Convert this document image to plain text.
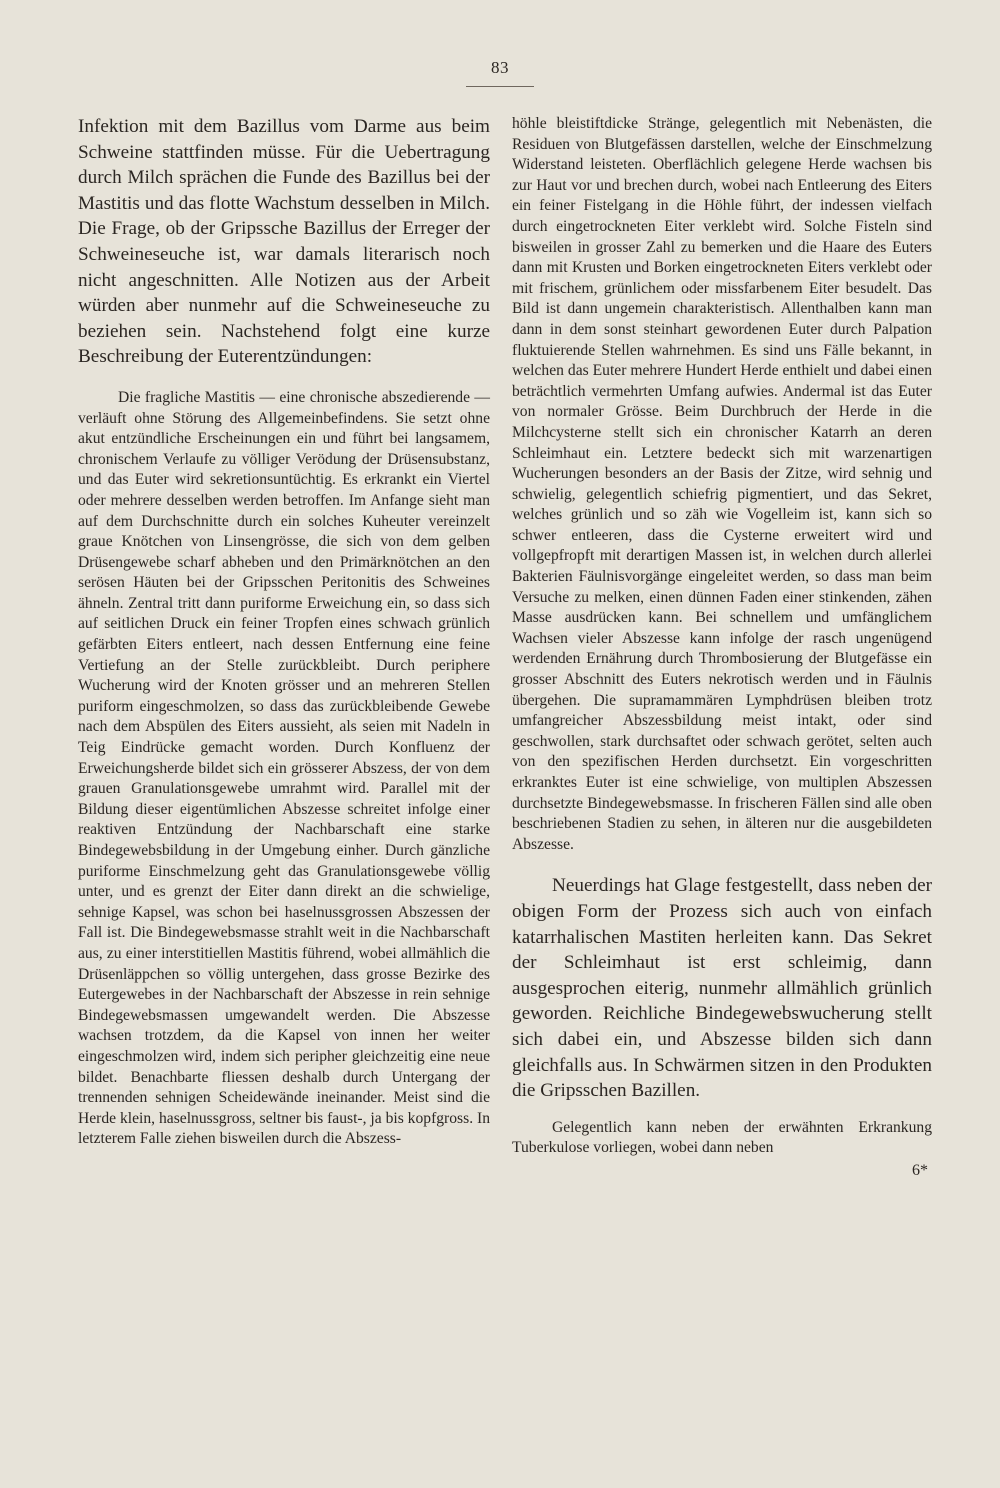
83

Infektion mit dem Bazillus vom Darme aus beim Schweine stattfinden müsse. Für die Uebertragung durch Milch sprächen die Funde des Bazillus bei der Mastitis und das flotte Wachstum desselben in Milch. Die Frage, ob der Gripssche Bazillus der Erreger der Schweineseuche ist, war damals literarisch noch nicht angeschnitten. Alle Notizen aus der Arbeit würden aber nunmehr auf die Schweineseuche zu beziehen sein. Nachstehend folgt eine kurze Beschreibung der Euterentzündungen:

Die fragliche Mastitis — eine chronische abszedierende — verläuft ohne Störung des Allgemeinbefindens. Sie setzt ohne akut entzündliche Erscheinungen ein und führt bei langsamem, chronischem Verlaufe zu völliger Verödung der Drüsensubstanz, und das Euter wird sekretionsuntüchtig. Es erkrankt ein Viertel oder mehrere desselben werden betroffen. Im Anfange sieht man auf dem Durchschnitte durch ein solches Kuheuter vereinzelt graue Knötchen von Linsengrösse, die sich von dem gelben Drüsengewebe scharf abheben und den Primärknötchen an den serösen Häuten bei der Gripsschen Peritonitis des Schweines ähneln. Zentral tritt dann puriforme Erweichung ein, so dass sich auf seitlichen Druck ein feiner Tropfen eines schwach grünlich gefärbten Eiters entleert, nach dessen Entfernung eine feine Vertiefung an der Stelle zurückbleibt. Durch periphere Wucherung wird der Knoten grösser und an mehreren Stellen puriform eingeschmolzen, so dass das zurückbleibende Gewebe nach dem Abspülen des Eiters aussieht, als seien mit Nadeln in Teig Eindrücke gemacht worden. Durch Konfluenz der Erweichungsherde bildet sich ein grösserer Abszess, der von dem grauen Granulationsgewebe umrahmt wird. Parallel mit der Bildung dieser eigentümlichen Abszesse schreitet infolge einer reaktiven Entzündung der Nachbarschaft eine starke Bindegewebsbildung in der Umgebung einher. Durch gänzliche puriforme Einschmelzung geht das Granulationsgewebe völlig unter, und es grenzt der Eiter dann direkt an die schwielige, sehnige Kapsel, was schon bei haselnussgrossen Abszessen der Fall ist. Die Bindegewebsmasse strahlt weit in die Nachbarschaft aus, zu einer interstitiellen Mastitis führend, wobei allmählich die Drüsenläppchen so völlig untergehen, dass grosse Bezirke des Eutergewebes in der Nachbarschaft der Abszesse in rein sehnige Bindegewebsmassen umgewandelt werden. Die Abszesse wachsen trotzdem, da die Kapsel von innen her weiter eingeschmolzen wird, indem sich peripher gleichzeitig eine neue bildet. Benachbarte fliessen deshalb durch Untergang der trennenden sehnigen Scheidewände ineinander. Meist sind die Herde klein, haselnussgross, seltner bis faust-, ja bis kopfgross. In letzterem Falle ziehen bisweilen durch die Abszess-

höhle bleistiftdicke Stränge, gelegentlich mit Nebenästen, die Residuen von Blutgefässen darstellen, welche der Einschmelzung Widerstand leisteten. Oberflächlich gelegene Herde wachsen bis zur Haut vor und brechen durch, wobei nach Entleerung des Eiters ein feiner Fistelgang in die Höhle führt, der indessen vielfach durch eingetrockneten Eiter verklebt wird. Solche Fisteln sind bisweilen in grosser Zahl zu bemerken und die Haare des Euters dann mit Krusten und Borken eingetrockneten Eiters verklebt oder mit frischem, grünlichem oder missfarbenem Eiter besudelt. Das Bild ist dann ungemein charakteristisch. Allenthalben kann man dann in dem sonst steinhart gewordenen Euter durch Palpation fluktuierende Stellen wahrnehmen. Es sind uns Fälle bekannt, in welchen das Euter mehrere Hundert Herde enthielt und dabei einen beträchtlich vermehrten Umfang aufwies. Andermal ist das Euter von normaler Grösse. Beim Durchbruch der Herde in die Milchcysterne stellt sich ein chronischer Katarrh an deren Schleimhaut ein. Letztere bedeckt sich mit warzenartigen Wucherungen besonders an der Basis der Zitze, wird sehnig und schwielig, gelegentlich schiefrig pigmentiert, und das Sekret, welches grünlich und so zäh wie Vogelleim ist, kann sich so schwer entleeren, dass die Cysterne erweitert wird und vollgepfropft mit derartigen Massen ist, in welchen durch allerlei Bakterien Fäulnisvorgänge eingeleitet werden, so dass man beim Versuche zu melken, einen dünnen Faden einer stinkenden, zähen Masse ausdrücken kann. Bei schnellem und umfänglichem Wachsen vieler Abszesse kann infolge der rasch ungenügend werdenden Ernährung durch Thrombosierung der Blutgefässe ein grosser Abschnitt des Euters nekrotisch werden und in Fäulnis übergehen. Die supramammären Lymphdrüsen bleiben trotz umfangreicher Abszessbildung meist intakt, oder sind geschwollen, stark durchsaftet oder schwach gerötet, selten auch von den spezifischen Herden durchsetzt. Ein vorgeschritten erkranktes Euter ist eine schwielige, von multiplen Abszessen durchsetzte Bindegewebsmasse. In frischeren Fällen sind alle oben beschriebenen Stadien zu sehen, in älteren nur die ausgebildeten Abszesse.

Neuerdings hat Glage festgestellt, dass neben der obigen Form der Prozess sich auch von einfach katarrhalischen Mastiten herleiten kann. Das Sekret der Schleimhaut ist erst schleimig, dann ausgesprochen eiterig, nunmehr allmählich grünlich geworden. Reichliche Bindegewebswucherung stellt sich dabei ein, und Abszesse bilden sich dann gleichfalls aus. In Schwärmen sitzen in den Produkten die Gripsschen Bazillen.

Gelegentlich kann neben der erwähnten Erkrankung Tuberkulose vorliegen, wobei dann neben

6*
